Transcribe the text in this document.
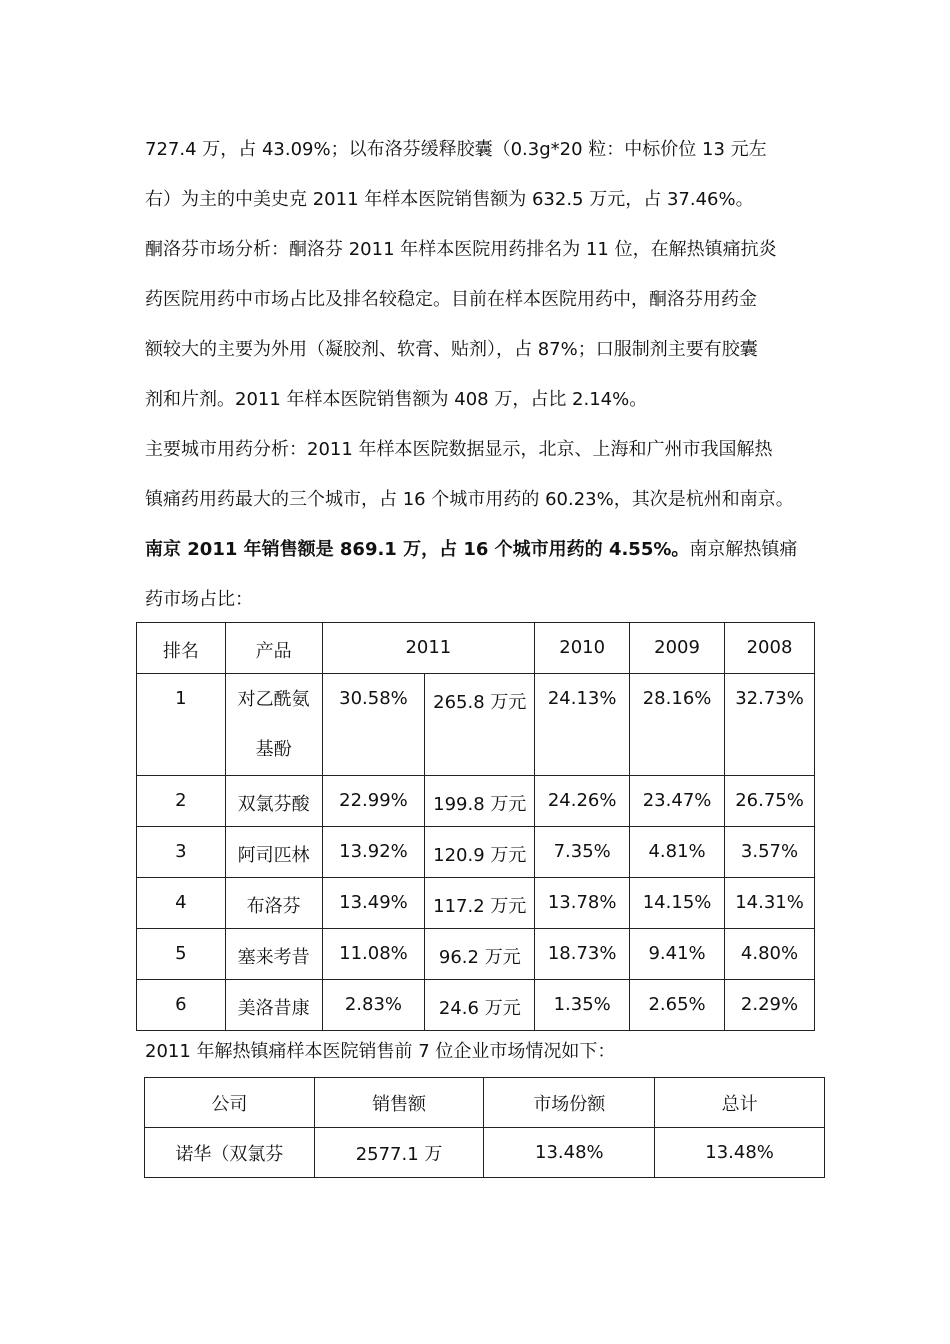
727.4 万，占 43.09%；以布洛芬缓释胶囊（0.3g*20 粒：中标价位 13 元左
右）为主的中美史克 2011 年样本医院销售额为 632.5 万元，占 37.46%。
酮洛芬市场分析：酮洛芬 2011 年样本医院用药排名为 11 位，在解热镇痛抗炎
药医院用药中市场占比及排名较稳定。目前在样本医院用药中，酮洛芬用药金
额较大的主要为外用（凝胶剂、软膏、贴剂），占 87%；口服制剂主要有胶囊
剂和片剂。2011 年样本医院销售额为 408 万，占比 2.14%。
主要城市用药分析：2011 年样本医院数据显示，北京、上海和广州市我国解热
镇痛药用药最大的三个城市，占 16 个城市用药的 60.23%，其次是杭州和南京。
南京 2011 年销售额是 869.1 万，占 16 个城市用药的 4.55%。南京解热镇痛
药市场占比：
排名	产品	2011		2010	2009	2008
1	对乙酰氨
基酚	30.58%	265.8 万元	24.13%	28.16%	32.73%
2	双氯芬酸	22.99%	199.8 万元	24.26%	23.47%	26.75%
3	阿司匹林	13.92%	120.9 万元	7.35%	4.81%	3.57%
4	布洛芬	13.49%	117.2 万元	13.78%	14.15%	14.31%
5	塞来考昔	11.08%	96.2 万元	18.73%	9.41%	4.80%
6	美洛昔康	2.83%	24.6 万元	1.35%	2.65%	2.29%
2011 年解热镇痛样本医院销售前 7 位企业市场情况如下：
公司	销售额	市场份额	总计
诺华（双氯芬	2577.1 万	13.48%	13.48%
